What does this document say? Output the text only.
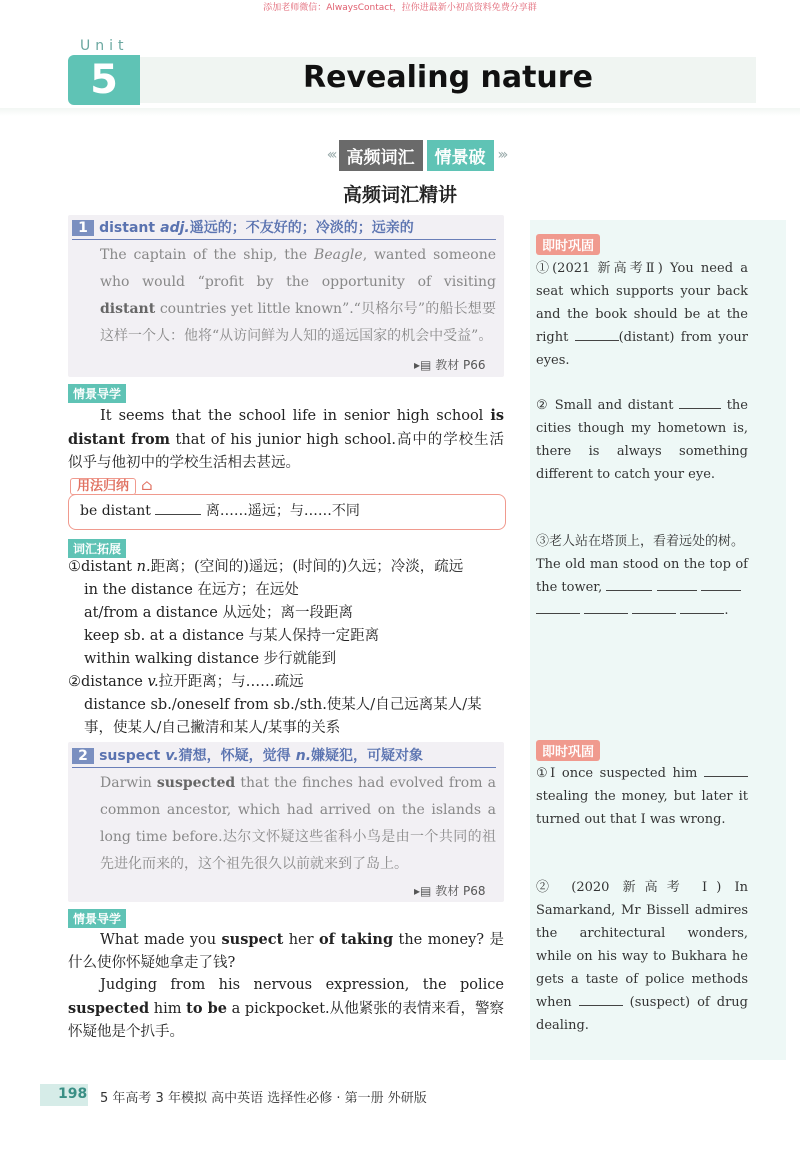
添加老师微信：AlwaysContact，拉你进最新小初高资料免费分享群
Unit
5	Revealing nature
‹‹‹ 高频词汇	情景破 ›››
高频词汇精讲
即时巩固
①(2021 新高考Ⅱ) You need a seat which supports your back and the book should be at the right	(distant) from your eyes.
② Small and distant	the cities though my hometown is, there is always something different to catch your eye.
③老人站在塔顶上，看着远处的树。
The old man stood on the top of the tower,
.
即时巩固
①I once suspected him  stealing the money, but later it turned out that I was wrong.
② (2020 新高考 Ⅰ) In Samarkand, Mr Bissell admires the architectural wonders, while on his way to Bukhara he gets a taste of police methods when	(suspect) of drug dealing.
1 distant adj.遥远的；不友好的；冷淡的；远亲的
The captain of the ship, the Beagle, wanted someone who would “profit by the opportunity of visiting distant countries yet little known”.“贝格尔号”的船长想要这样一个人：他将“从访问鲜为人知的遥远国家的机会中受益”。
▸▤ 教材 P66
情景导学
It seems that the school life in senior high school is distant from that of his junior high school.高中的学校生活似乎与他初中的学校生活相去甚远。
用法归纳 ⌂
be distant	离……遥远；与……不同
词汇拓展
①distant n.距离；(空间的)遥远；(时间的)久远；冷淡，疏远
in the distance 在远方；在远处
at/from a distance 从远处；离一段距离
keep sb. at a distance 与某人保持一定距离
within walking distance 步行就能到
②distance v.拉开距离；与……疏远
distance sb./oneself from sb./sth.使某人/自己远离某人/某事，使某人/自己撇清和某人/某事的关系
2 suspect v.猜想，怀疑，觉得 n.嫌疑犯，可疑对象
Darwin suspected that the finches had evolved from a common ancestor, which had arrived on the islands a long time before.达尔文怀疑这些雀科小鸟是由一个共同的祖先进化而来的，这个祖先很久以前就来到了岛上。
▸▤ 教材 P68
情景导学
What made you suspect her of taking the money? 是什么使你怀疑她拿走了钱?
Judging from his nervous expression, the police suspected him to be a pickpocket.从他紧张的表情来看，警察怀疑他是个扒手。
198 5 年高考 3 年模拟 高中英语 选择性必修 · 第一册 外研版
